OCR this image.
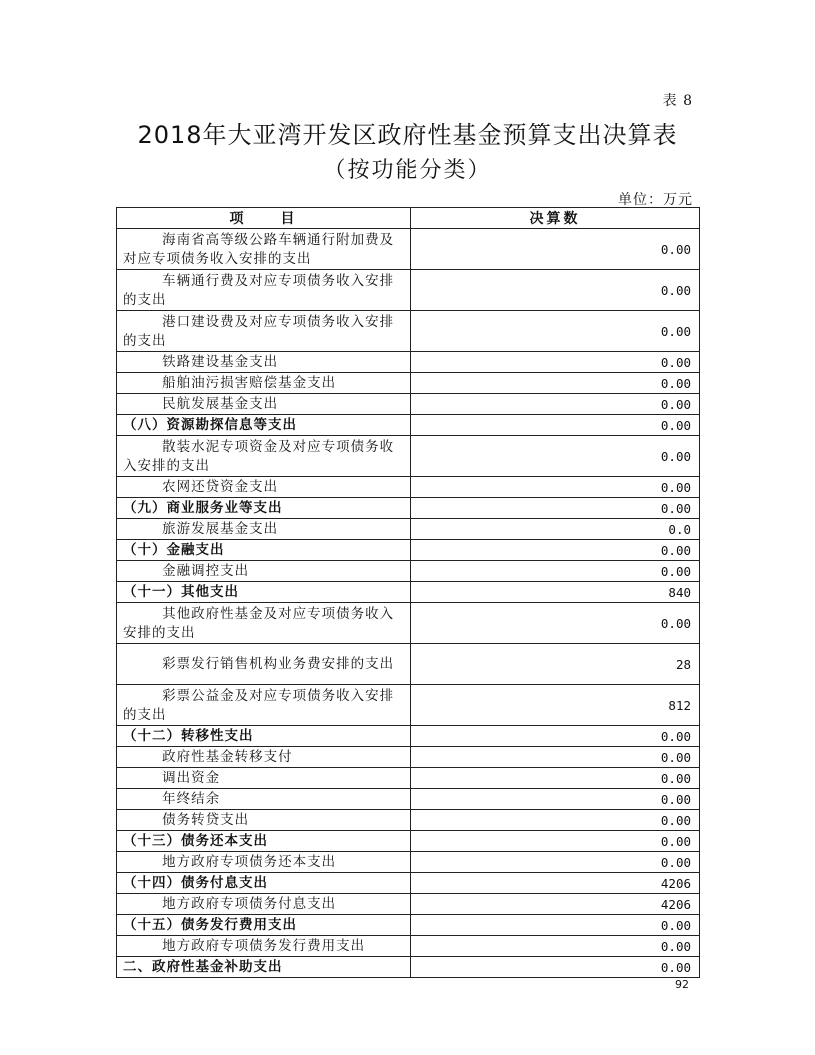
表 8
2018年大亚湾开发区政府性基金预算支出决算表
（按功能分类）
单位：万元
项　　目	决算数
海南省高等级公路车辆通行附加费及对应专项债务收入安排的支出	0.00
车辆通行费及对应专项债务收入安排的支出	0.00
港口建设费及对应专项债务收入安排的支出	0.00
铁路建设基金支出	0.00
船舶油污损害赔偿基金支出	0.00
民航发展基金支出	0.00
（八）资源勘探信息等支出	0.00
散装水泥专项资金及对应专项债务收入安排的支出	0.00
农网还贷资金支出	0.00
（九）商业服务业等支出	0.00
旅游发展基金支出	0.0
（十）金融支出	0.00
金融调控支出	0.00
（十一）其他支出	840
其他政府性基金及对应专项债务收入安排的支出	0.00
彩票发行销售机构业务费安排的支出	28
彩票公益金及对应专项债务收入安排的支出	812
（十二）转移性支出	0.00
政府性基金转移支付	0.00
调出资金	0.00
年终结余	0.00
债务转贷支出	0.00
（十三）债务还本支出	0.00
地方政府专项债务还本支出	0.00
（十四）债务付息支出	4206
地方政府专项债务付息支出	4206
（十五）债务发行费用支出	0.00
地方政府专项债务发行费用支出	0.00
二、政府性基金补助支出	0.00
92
